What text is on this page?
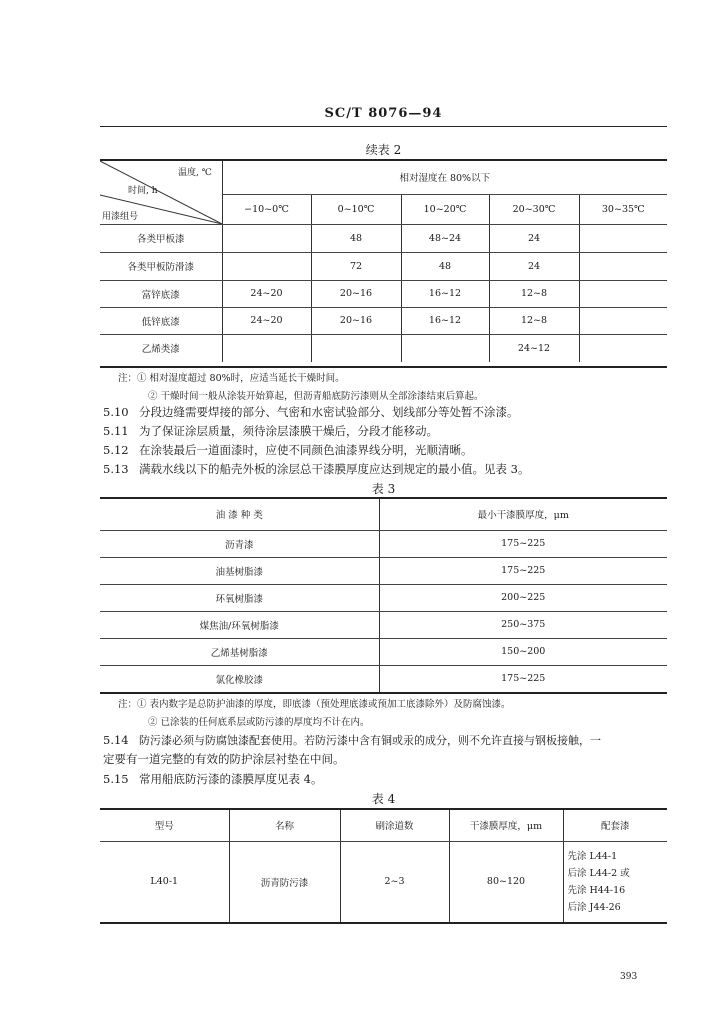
SC/T 8076—94
续表 2
温度, ℃
时间, h
用漆组号	相对湿度在 80%以下				
	−10~0℃	0~10℃	10~20℃	20~30℃	30~35℃
各类甲板漆		48	48~24	24	
各类甲板防滑漆		72	48	24	
富锌底漆	24~20	20~16	16~12	12~8	
低锌底漆	24~20	20~16	16~12	12~8	
乙烯类漆				24~12	
注：① 相对湿度超过 80%时，应适当延长干燥时间。
② 干燥时间一般从涂装开始算起，但沥青船底防污漆则从全部涂漆结束后算起。
5.10 分段边缝需要焊接的部分、气密和水密试验部分、划线部分等处暂不涂漆。
5.11 为了保证涂层质量，须待涂层漆膜干燥后，分段才能移动。
5.12 在涂装最后一道面漆时，应使不同颜色油漆界线分明，光顺清晰。
5.13 满载水线以下的船壳外板的涂层总干漆膜厚度应达到规定的最小值。见表 3。
表 3
油 漆 种 类	最小干漆膜厚度，μm
沥青漆	175~225
油基树脂漆	175~225
环氧树脂漆	200~225
煤焦油/环氧树脂漆	250~375
乙烯基树脂漆	150~200
氯化橡胶漆	175~225
注：① 表内数字是总防护油漆的厚度，即底漆（预处理底漆或预加工底漆除外）及防腐蚀漆。
② 已涂装的任何底系层或防污漆的厚度均不计在内。
5.14 防污漆必须与防腐蚀漆配套使用。若防污漆中含有铜或汞的成分，则不允许直接与钢板接触，一
定要有一道完整的有效的防护涂层衬垫在中间。
5.15 常用船底防污漆的漆膜厚度见表 4。
表 4
型号	名称	刷涂道数	干漆膜厚度，μm	配套漆
L40-1	沥青防污漆	2~3	80~120	先涂 L44-1
后涂 L44-2 或
先涂 H44-16
后涂 J44-26
393
